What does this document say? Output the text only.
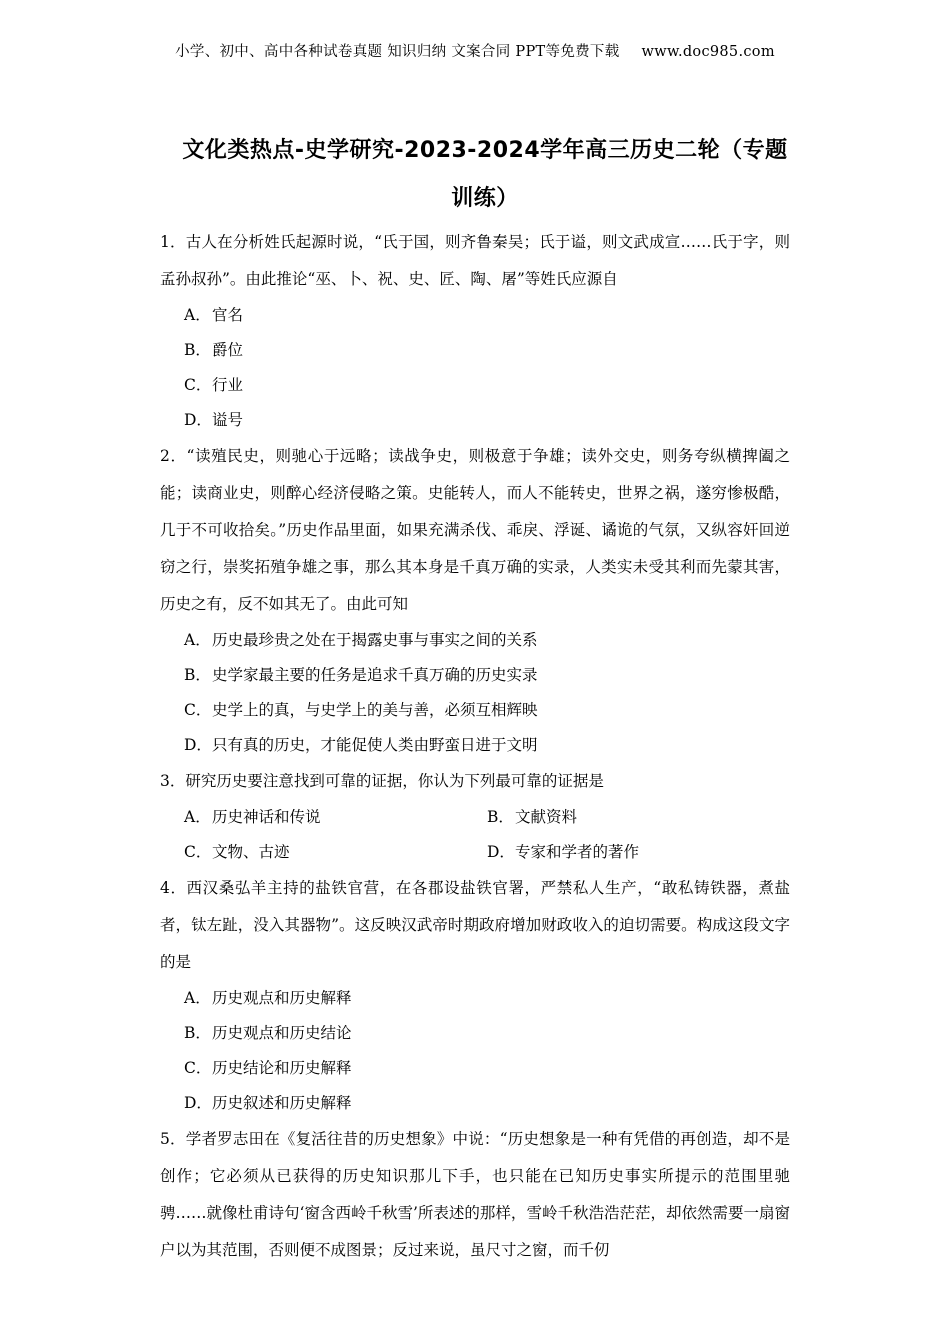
小学、初中、高中各种试卷真题 知识归纳 文案合同 PPT等免费下载 www.doc985.com
文化类热点-史学研究-2023-2024学年高三历史二轮（专题
训练）

1．古人在分析姓氏起源时说，“氏于国，则齐鲁秦吴；氏于谥，则文武成宣……氏于字，则孟孙叔孙”。由此推论“巫、卜、祝、史、匠、陶、屠”等姓氏应源自

A．官名
B．爵位
C．行业
D．谥号

2．“读殖民史，则驰心于远略；读战争史，则极意于争雄；读外交史，则务夸纵横捭阖之能；读商业史，则醉心经济侵略之策。史能转人，而人不能转史，世界之祸，遂穷惨极酷，几于不可收拾矣。”历史作品里面，如果充满杀伐、乖戾、浮诞、谲诡的气氛，又纵容奸回逆窃之行，崇奖拓殖争雄之事，那么其本身是千真万确的实录，人类实未受其利而先蒙其害，历史之有，反不如其无了。由此可知

A．历史最珍贵之处在于揭露史事与事实之间的关系
B．史学家最主要的任务是追求千真万确的历史实录
C．史学上的真，与史学上的美与善，必须互相辉映
D．只有真的历史，才能促使人类由野蛮日进于文明

3．研究历史要注意找到可靠的证据，你认为下列最可靠的证据是

A．历史神话和传说	B．文献资料
C．文物、古迹	D．专家和学者的著作

4．西汉桑弘羊主持的盐铁官营，在各郡设盐铁官署，严禁私人生产，“敢私铸铁器，煮盐者，钛左趾，没入其器物”。这反映汉武帝时期政府增加财政收入的迫切需要。构成这段文字的是

A．历史观点和历史解释
B．历史观点和历史结论
C．历史结论和历史解释
D．历史叙述和历史解释

5．学者罗志田在《复活往昔的历史想象》中说：“历史想象是一种有凭借的再创造，却不是创作；它必须从已获得的历史知识那儿下手，也只能在已知历史事实所提示的范围里驰骋……就像杜甫诗句‘窗含西岭千秋雪’所表述的那样，雪岭千秋浩浩茫茫，却依然需要一扇窗户以为其范围，否则便不成图景；反过来说，虽尺寸之窗，而千仞
